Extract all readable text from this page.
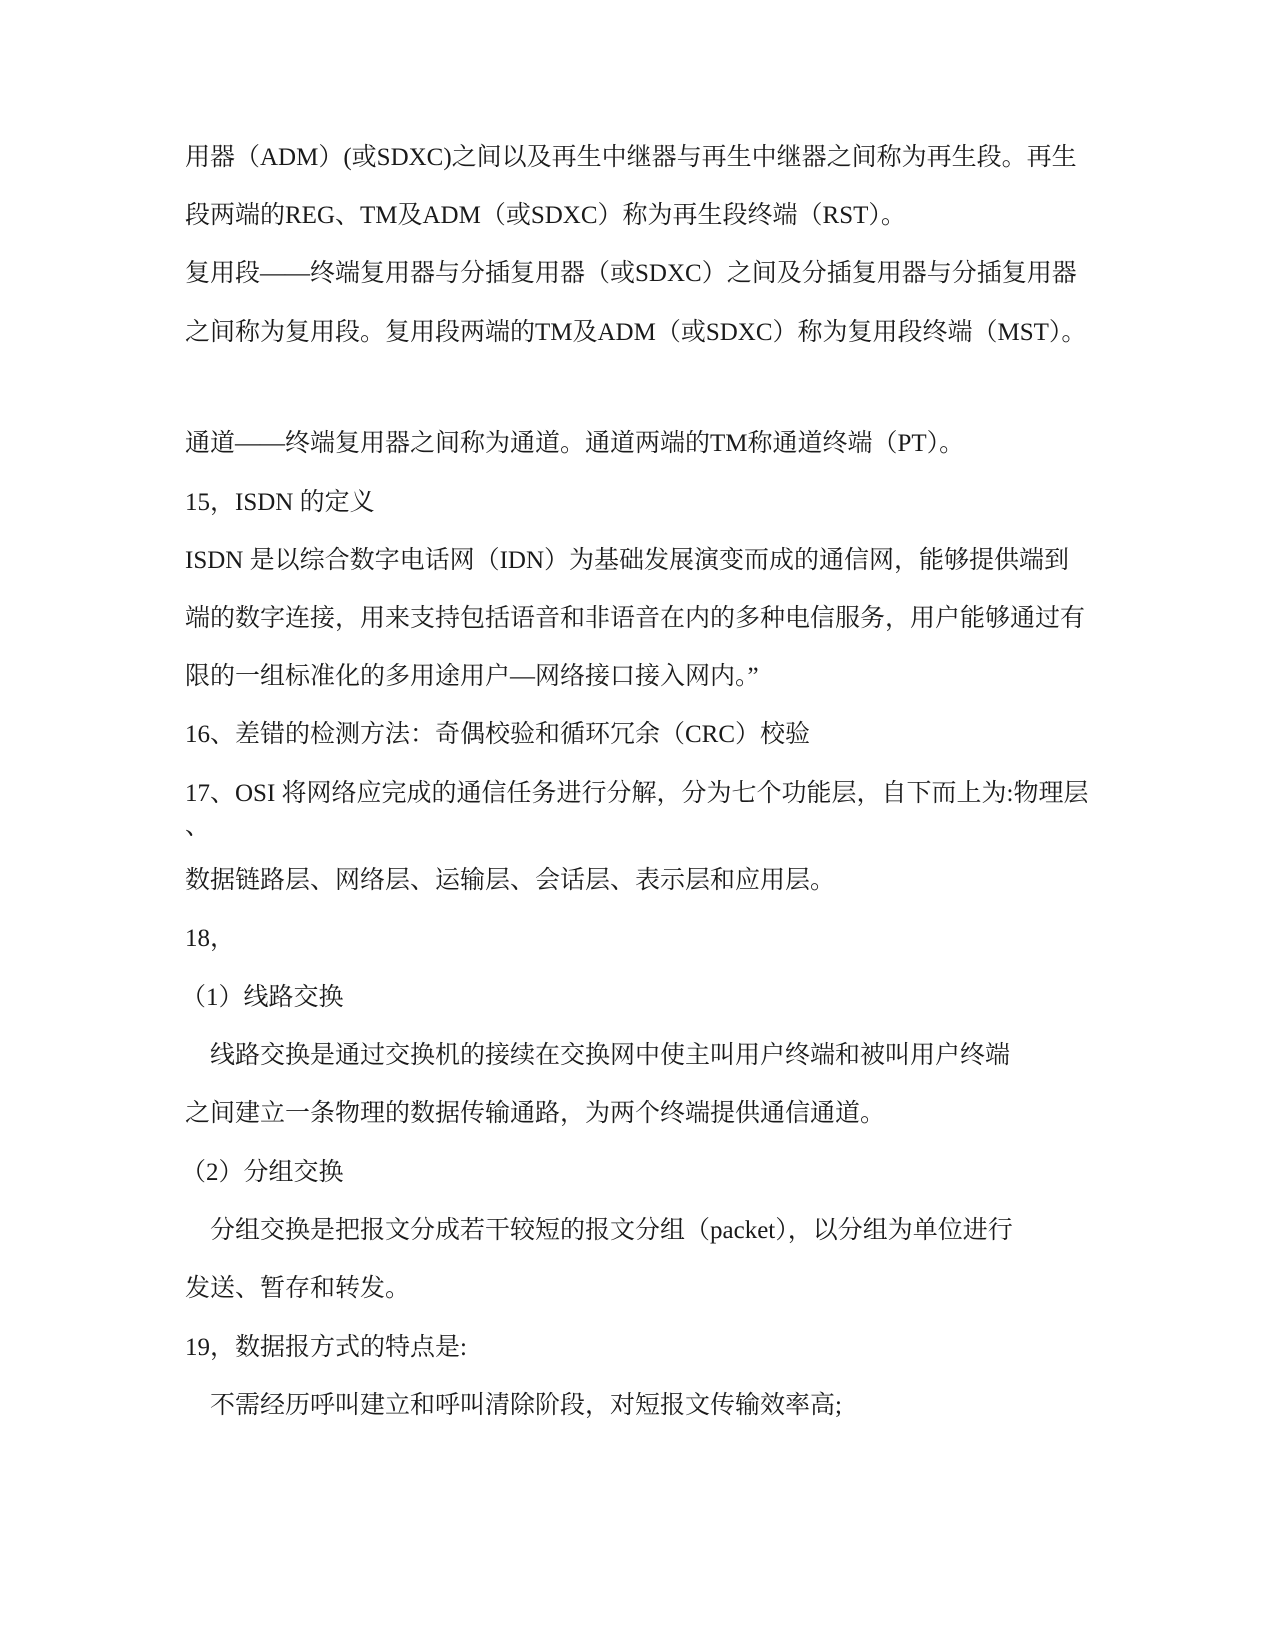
用器（ADM）(或SDXC)之间以及再生中继器与再生中继器之间称为再生段。再生
段两端的REG、TM及ADM（或SDXC）称为再生段终端（RST）。
复用段——终端复用器与分插复用器（或SDXC）之间及分插复用器与分插复用器
之间称为复用段。复用段两端的TM及ADM（或SDXC）称为复用段终端（MST）。
通道——终端复用器之间称为通道。通道两端的TM称通道终端（PT）。
15，ISDN 的定义
ISDN 是以综合数字电话网（IDN）为基础发展演变而成的通信网，能够提供端到
端的数字连接，用来支持包括语音和非语音在内的多种电信服务，用户能够通过有
限的一组标准化的多用途用户—网络接口接入网内。”
16、差错的检测方法：奇偶校验和循环冗余（CRC）校验
17、OSI 将网络应完成的通信任务进行分解，分为七个功能层，自下而上为:物理层
、
数据链路层、网络层、运输层、会话层、表示层和应用层。
18，
（1）线路交换
线路交换是通过交换机的接续在交换网中使主叫用户终端和被叫用户终端
之间建立一条物理的数据传输通路，为两个终端提供通信通道。
（2）分组交换
分组交换是把报文分成若干较短的报文分组（packet），以分组为单位进行
发送、暂存和转发。
19，数据报方式的特点是:
不需经历呼叫建立和呼叫清除阶段，对短报文传输效率高;
